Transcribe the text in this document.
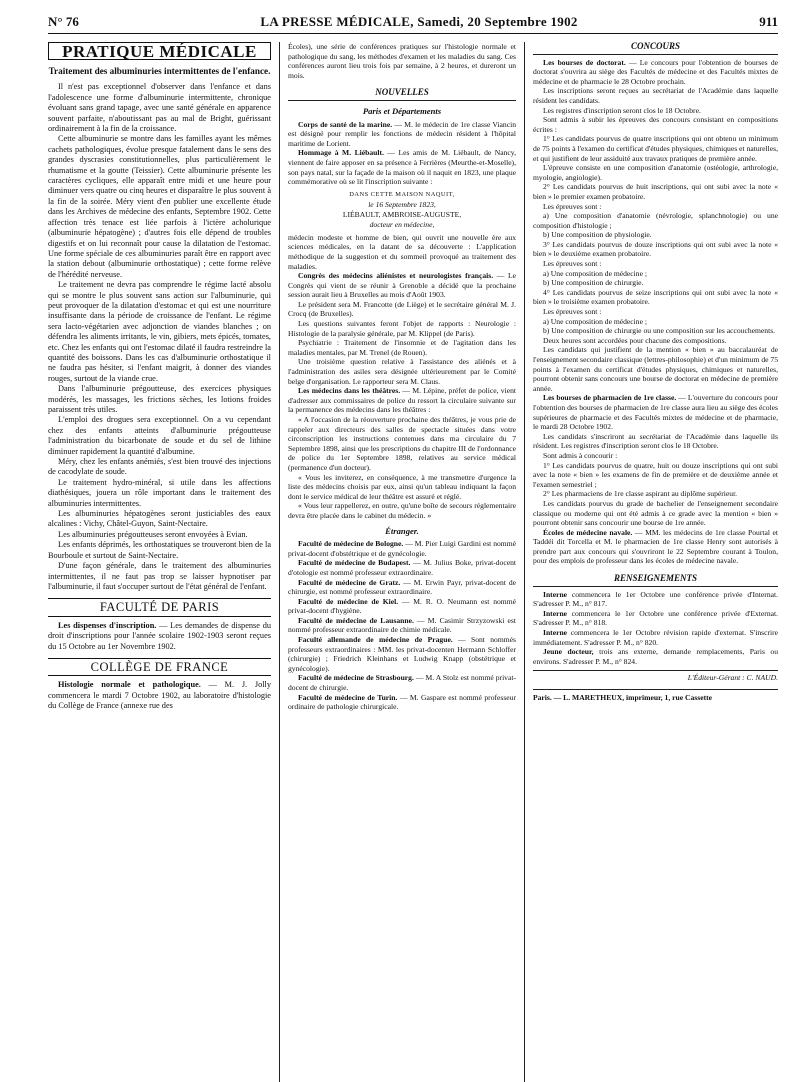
N° 76	LA PRESSE MÉDICALE, Samedi, 20 Septembre 1902	911
PRATIQUE MÉDICALE
Traitement des albuminuries intermittentes de l'enfance.

Il n'est pas exceptionnel d'observer dans l'enfance et dans l'adolescence une forme d'albuminurie intermittente, chronique évoluant sans grand tapage, avec une santé générale en apparence souvent parfaite, n'aboutissant pas au mal de Bright, guérissant ordinairement à la fin de la croissance.

Cette albuminurie se montre dans les familles ayant les mêmes cachets pathologiques, évolue presque fatalement dans le sens des grandes dyscrasies constitutionnelles, plus particulièrement le rhumatisme et la goutte (Teissier). Cette albuminurie présente les caractères cycliques, elle apparaît entre midi et une heure pour diminuer vers quatre ou cinq heures et disparaître le plus souvent à la fin de la soirée. Méry vient d'en publier une excellente étude dans les Archives de médecine des enfants, Septembre 1902. Cette affection très tenace est liée parfois à l'ictère acholurique (albuminurie hépatogène) ; d'autres fois elle dépend de troubles digestifs et on lui reconnaît pour cause la dilatation de l'estomac. Une forme spéciale de ces albuminuries paraît être en rapport avec la station debout (albuminurie orthostatique) ; cette forme relève de l'hérédité nerveuse.

Le traitement ne devra pas comprendre le régime lacté absolu qui se montre le plus souvent sans action sur l'albuminurie, qui peut provoquer de la dilatation d'estomac et qui est une nourriture insuffisante dans la période de croissance de l'enfant. Le régime sera lacto-végétarien avec adjonction de viandes blanches ; on défendra les aliments irritants, le vin, gibiers, mets épicés, tomates, etc. Chez les enfants qui ont l'estomac dilaté il faudra restreindre la quantité des boissons. Dans les cas d'albuminurie orthostatique il ne faudra pas hésiter, si l'enfant maigrit, à donner des viandes rouges, surtout de la viande crue.

Dans l'albuminurie prégoutteuse, des exercices physiques modérés, les massages, les frictions sèches, les lotions froides paraissent très utiles.

L'emploi des drogues sera exceptionnel. On a vu cependant chez des enfants atteints d'albuminurie prégoutteuse l'administration du bicarbonate de soude et du sel de lithine diminuer rapidement la quantité d'albumine.

Méry, chez les enfants anémiés, s'est bien trouvé des injections de cacodylate de soude.

Le traitement hydro-minéral, si utile dans les affections diathésiques, jouera un rôle important dans le traitement des albuminuries intermittentes.

Les albuminuries hépatogènes seront justiciables des eaux alcalines : Vichy, Châtel-Guyon, Saint-Nectaire.

Les albuminuries prégoutteuses seront envoyées à Evian.

Les enfants déprimés, les orthostatiques se trouveront bien de la Bourboule et surtout de Saint-Nectaire.

D'une façon générale, dans le traitement des albuminuries intermittentes, il ne faut pas trop se laisser hypnotiser par l'albuminurie, il faut s'occuper surtout de l'état général de l'enfant.

FACULTÉ DE PARIS

Les dispenses d'inscription. — Les demandes de dispense du droit d'inscriptions pour l'année scolaire 1902-1903 seront reçues du 15 Octobre au 1er Novembre 1902.

COLLÈGE DE FRANCE

Histologie normale et pathologique. — M. J. Jolly commencera le mardi 7 Octobre 1902, au laboratoire d'histologie du Collège de France (annexe rue des

Écoles), une série de conférences pratiques sur l'histologie normale et pathologique du sang, les méthodes d'examen et les maladies du sang. Ces conférences auront lieu trois fois par semaine, à 2 heures, et dureront un mois.

NOUVELLES
Paris et Départements

Corps de santé de la marine. — M. le médecin de 1re classe Viancin est désigné pour remplir les fonctions de médecin résident à l'hôpital maritime de Lorient.

Hommage à M. Liébault. — Les amis de M. Liébault, de Nancy, viennent de faire apposer en sa présence à Ferrières (Meurthe-et-Moselle), son pays natal, sur la façade de la maison où il naquit en 1823, une plaque commémorative où se lit l'inscription suivante :

DANS CETTE MAISON NAQUIT,
le 16 Septembre 1823,
LIÉBAULT, AMBROISE-AUGUSTE,
docteur en médecine,

médecin modeste et homme de bien, qui ouvrit une nouvelle ère aux sciences médicales, en la datant de sa découverte : L'application méthodique de la suggestion et du sommeil provoqué au traitement des maladies.

Congrès des médecins aliénistes et neurologistes français. — Le Congrès qui vient de se réunir à Grenoble a décidé que la prochaine session aurait lieu à Bruxelles au mois d'Août 1903.

Le président sera M. Francotte (de Liège) et le secrétaire général M. J. Crocq (de Bruxelles).

Les questions suivantes feront l'objet de rapports : Neurologie : Histologie de la paralysie générale, par M. Klippel (de Paris).

Psychiatrie : Traitement de l'insomnie et de l'agitation dans les maladies mentales, par M. Trenel (de Rouen).

Une troisième question relative à l'assistance des aliénés et à l'administration des asiles sera désignée ultérieurement par le Comité belge d'organisation. Le rapporteur sera M. Claus.

Les médecins dans les théâtres. — M. Lépine, préfet de police, vient d'adresser aux commissaires de police du ressort la circulaire suivante sur la permanence des médecins dans les théâtres :

« A l'occasion de la réouverture prochaine des théâtres, je vous prie de rappeler aux directeurs des salles de spectacle situées dans votre circonscription les instructions contenues dans ma circulaire du 7 Septembre 1898, ainsi que les prescriptions du chapitre III de l'ordonnance de police du 1er Septembre 1898, relatives au service médical (permanence d'un docteur).

« Vous les inviterez, en conséquence, à me transmettre d'urgence la liste des médecins choisis par eux, ainsi qu'un tableau indiquant la façon dont le service médical de leur théâtre est assuré et réglé.

« Vous leur rappellerez, en outre, qu'une boîte de secours réglementaire devra être placée dans le cabinet du médecin. »

Étranger.

Faculté de médecine de Bologne. — M. Pier Luigi Gardini est nommé privat-docent d'obstétrique et de gynécologie.

Faculté de médecine de Budapest. — M. Julius Boke, privat-docent d'otologie est nommé professeur extraordinaire.

Faculté de médecine de Gratz. — M. Erwin Payr, privat-docent de chirurgie, est nommé professeur extraordinaire.

Faculté de médecine de Kiel. — M. R. O. Neumann est nommé privat-docent d'hygiène.

Faculté de médecine de Lausanne. — M. Casimir Strzyzowski est nommé professeur extraordinaire de chimie médicale.

Faculté allemande de médecine de Prague. — Sont nommés professeurs extraordinaires : MM. les privat-docenten Hermann Schloffer (chirurgie) ; Friedrich Kleinhans et Ludwig Knapp (obstétrique et gynécologie).

Faculté de médecine de Strasbourg. — M. A Stolz est nommé privat-docent de chirurgie.

Faculté de médecine de Turin. — M. Gaspare est nommé professeur ordinaire de pathologie chirurgicale.

CONCOURS

Les bourses de doctorat. — Le concours pour l'obtention de bourses de doctorat s'ouvrira au siège des Facultés de médecine et des Facultés mixtes de médecine et de pharmacie le 28 Octobre prochain.

Les inscriptions seront reçues au secrétariat de l'Académie dans laquelle résident les candidats.

Les registres d'inscription seront clos le 18 Octobre.

Sont admis à subir les épreuves des concours consistant en compositions écrites :

1° Les candidats pourvus de quatre inscriptions qui ont obtenu un minimum de 75 points à l'examen du certificat d'études physiques, chimiques et naturelles, et qui justifient de leur assiduité aux travaux pratiques de première année.

L'épreuve consiste en une composition d'anatomie (ostéologie, arthrologie, myologie, angiologie).

2° Les candidats pourvus de huit inscriptions, qui ont subi avec la note « bien » le premier examen probatoire.

Les épreuves sont :

a) Une composition d'anatomie (névrologie, splanchnologie) ou une composition d'histologie ;

b) Une composition de physiologie.

3° Les candidats pourvus de douze inscriptions qui ont subi avec la note « bien » le deuxième examen probatoire.

Les épreuves sont :

a) Une composition de médecine ;

b) Une composition de chirurgie.

4° Les candidats pourvus de seize inscriptions qui ont subi avec la note « bien » le troisième examen probatoire.

Les épreuves sont :

a) Une composition de médecine ;

b) Une composition de chirurgie ou une composition sur les accouchements.

Deux heures sont accordées pour chacune des compositions.

Les candidats qui justifient de la mention « bien » au baccalauréat de l'enseignement secondaire classique (lettres-philosophie) et d'un minimum de 75 points à l'examen du certificat d'études physiques, chimiques et naturelles, pourront obtenir sans concours une bourse de doctorat en médecine de première année.

Les bourses de pharmacien de 1re classe. — L'ouverture du concours pour l'obtention des bourses de pharmacien de 1re classe aura lieu au siège des écoles supérieures de pharmacie et des Facultés mixtes de médecine et de pharmacie, le mardi 28 Octobre 1902.

Les candidats s'inscriront au secrétariat de l'Académie dans laquelle ils résident. Les registres d'inscription seront clos le 18 Octobre.

Sont admis à concourir :

1° Les candidats pourvus de quatre, huit ou douze inscriptions qui ont subi avec la note « bien » les examens de fin de première et de deuxième année et l'examen semestriel ;

2° Les pharmaciens de 1re classe aspirant au diplôme supérieur.

Les candidats pourvus du grade de bachelier de l'enseignement secondaire classique ou moderne qui ont été admis à ce grade avec la mention « bien » pourront obtenir sans concourir une bourse de 1re année.

Écoles de médecine navale. — MM. les médecins de 1re classe Pourtal et Taddéi dit Torcella et M. le pharmacien de 1re classe Henry sont autorisés à prendre part aux concours qui s'ouvriront le 22 Septembre courant à Toulon, pour des emplois de professeur dans les écoles de médecine navale.

RENSEIGNEMENTS

Interne commencera le 1er Octobre une conférence privée d'Internat. S'adresser P. M., n° 817.

Interne commencera le 1er Octobre une conférence privée d'Externat. S'adresser P. M., n° 818.

Interne commencera le 1er Octobre révision rapide d'externat. S'inscrire immédiatement. S'adresser P. M., n° 820.

Jeune docteur, trois ans externe, demande remplacements, Paris ou environs. S'adresser P. M., n° 824.

L'Éditeur-Gérant : C. NAUD.
Paris. — L. MARETHEUX, imprimeur, 1, rue Cassette
